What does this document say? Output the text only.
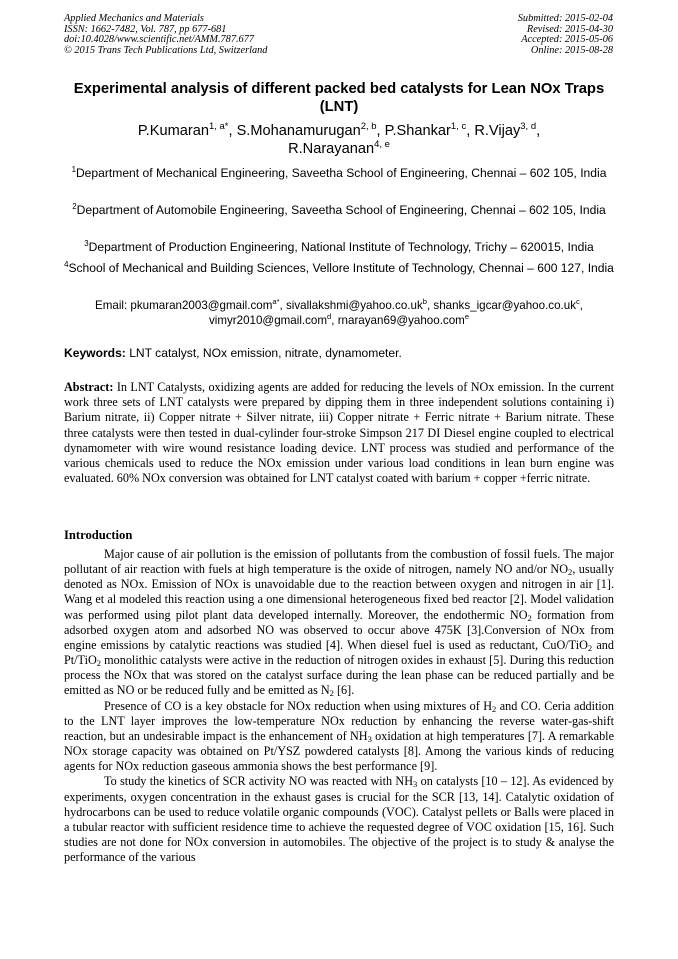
Applied Mechanics and Materials
ISSN: 1662-7482, Vol. 787, pp 677-681
doi:10.4028/www.scientific.net/AMM.787.677
© 2015 Trans Tech Publications Ltd, Switzerland
Submitted: 2015-02-04
Revised: 2015-04-30
Accepted: 2015-05-06
Online: 2015-08-28
Experimental analysis of different packed bed catalysts for Lean NOx Traps (LNT)
P.Kumaran$^{1, a*}$, S.Mohanamurugan$^{2, b}$, P.Shankar$^{1, c}$, R.Vijay$^{3, d}$,
R.Narayanan$^{4, e}$
$^1$Department of Mechanical Engineering, Saveetha School of Engineering, Chennai – 602 105, India
$^2$Department of Automobile Engineering, Saveetha School of Engineering, Chennai – 602 105, India
$^3$Department of Production Engineering, National Institute of Technology, Trichy – 620015, India
$^4$School of Mechanical and Building Sciences, Vellore Institute of Technology, Chennai – 600 127, India
Email: pkumaran2003@gmail.com$^{a*}$, $sivallakshmi@yahoo.co.uk^b$, $shanks\_igcar@yahoo.co.uk^c$,
vimyr2010@gmail.com$^d$, rnarayan69@yahoo.com$^e$
Keywords: LNT catalyst, NOx emission, nitrate, dynamometer.
Abstract: In LNT Catalysts, oxidizing agents are added for reducing the levels of NOx emission. In the current work three sets of LNT catalysts were prepared by dipping them in three independent solutions containing i) Barium nitrate, ii) Copper nitrate + Silver nitrate, iii) Copper nitrate + Ferric nitrate + Barium nitrate. These three catalysts were then tested in dual-cylinder four-stroke Simpson 217 DI Diesel engine coupled to electrical dynamometer with wire wound resistance loading device. LNT process was studied and performance of the various chemicals used to reduce the NOx emission under various load conditions in lean burn engine was evaluated. 60% NOx conversion was obtained for LNT catalyst coated with barium + copper +ferric nitrate.
Introduction

Major cause of air pollution is the emission of pollutants from the combustion of fossil fuels. The major pollutant of air reaction with fuels at high temperature is the oxide of nitrogen, namely NO and/or $NO_2$, usually denoted as NOx. Emission of NOx is unavoidable due to the reaction between oxygen and nitrogen in air [1]. Wang et al modeled this reaction using a one dimensional heterogeneous fixed bed reactor [2]. Model validation was performed using pilot plant data developed internally. Moreover, the endothermic $NO_2$ formation from adsorbed oxygen atom and adsorbed NO was observed to occur above 475K [3].Conversion of NOx from engine emissions by catalytic reactions was studied [4]. When diesel fuel is used as reductant, CuO/TiO$_2$ and Pt/TiO$_2$ monolithic catalysts were active in the reduction of nitrogen oxides in exhaust [5]. During this reduction process the NOx that was stored on the catalyst surface during the lean phase can be reduced partially and be emitted as NO or be reduced fully and be emitted as $N_2$ [6].

Presence of CO is a key obstacle for NOx reduction when using mixtures of $H_2$ and CO. Ceria addition to the LNT layer improves the low-temperature NOx reduction by enhancing the reverse water-gas-shift reaction, but an undesirable impact is the enhancement of $NH_3$ oxidation at high temperatures [7]. A remarkable NOx storage capacity was obtained on Pt/YSZ powdered catalysts [8]. Among the various kinds of reducing agents for NOx reduction gaseous ammonia shows the best performance [9].

To study the kinetics of SCR activity NO was reacted with $NH_3$ on catalysts [10 – 12]. As evidenced by experiments, oxygen concentration in the exhaust gases is crucial for the SCR [13, 14]. Catalytic oxidation of hydrocarbons can be used to reduce volatile organic compounds (VOC). Catalyst pellets or Balls were placed in a tubular reactor with sufficient residence time to achieve the requested degree of VOC oxidation [15, 16]. Such studies are not done for NOx conversion in automobiles. The objective of the project is to study & analyse the performance of the various
